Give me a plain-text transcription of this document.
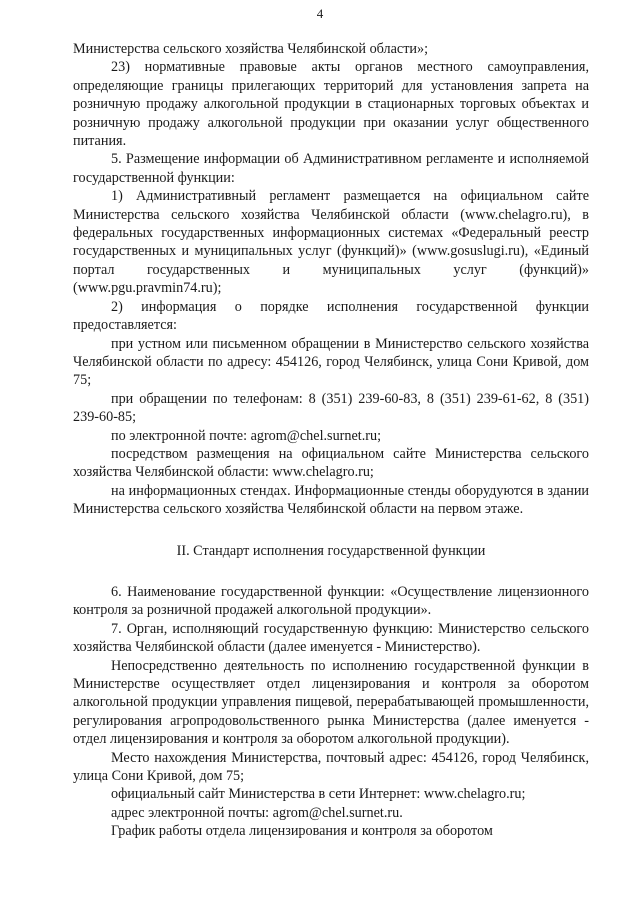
4

Министерства сельского хозяйства Челябинской области»;

23) нормативные правовые акты органов местного самоуправления, определяющие границы прилегающих территорий для установления запрета на розничную продажу алкогольной продукции в стационарных торговых объектах и розничную продажу алкогольной продукции при оказании услуг общественного питания.

5. Размещение информации об Административном регламенте и исполняемой государственной функции:

1) Административный регламент размещается на официальном сайте Министерства сельского хозяйства Челябинской области (www.chelagro.ru), в федеральных государственных информационных системах «Федеральный реестр государственных и муниципальных услуг (функций)» (www.gosuslugi.ru), «Единый портал государственных и муниципальных услуг (функций)» (www.pgu.pravmin74.ru);

2) информация о порядке исполнения государственной функции предоставляется:

при устном или письменном обращении в Министерство сельского хозяйства Челябинской области по адресу: 454126, город Челябинск, улица Сони Кривой, дом 75;

при обращении по телефонам: 8 (351) 239-60-83, 8 (351) 239-61-62, 8 (351) 239-60-85;

по электронной почте: agrom@chel.surnet.ru;

посредством размещения на официальном сайте Министерства сельского хозяйства Челябинской области: www.chelagro.ru;

на информационных стендах. Информационные стенды оборудуются в здании Министерства сельского хозяйства Челябинской области на первом этаже.

II. Стандарт исполнения государственной функции

6. Наименование государственной функции: «Осуществление лицензионного контроля за розничной продажей алкогольной продукции».

7. Орган, исполняющий государственную функцию: Министерство сельского хозяйства Челябинской области (далее именуется - Министерство).

Непосредственно деятельность по исполнению государственной функции в Министерстве осуществляет отдел лицензирования и контроля за оборотом алкогольной продукции управления пищевой, перерабатывающей промышленности, регулирования агропродовольственного рынка Министерства (далее именуется - отдел лицензирования и контроля за оборотом алкогольной продукции).

Место нахождения Министерства, почтовый адрес: 454126, город Челябинск, улица Сони Кривой, дом 75;

официальный сайт Министерства в сети Интернет: www.chelagro.ru;

адрес электронной почты: agrom@chel.surnet.ru.

График работы отдела лицензирования и контроля за оборотом
